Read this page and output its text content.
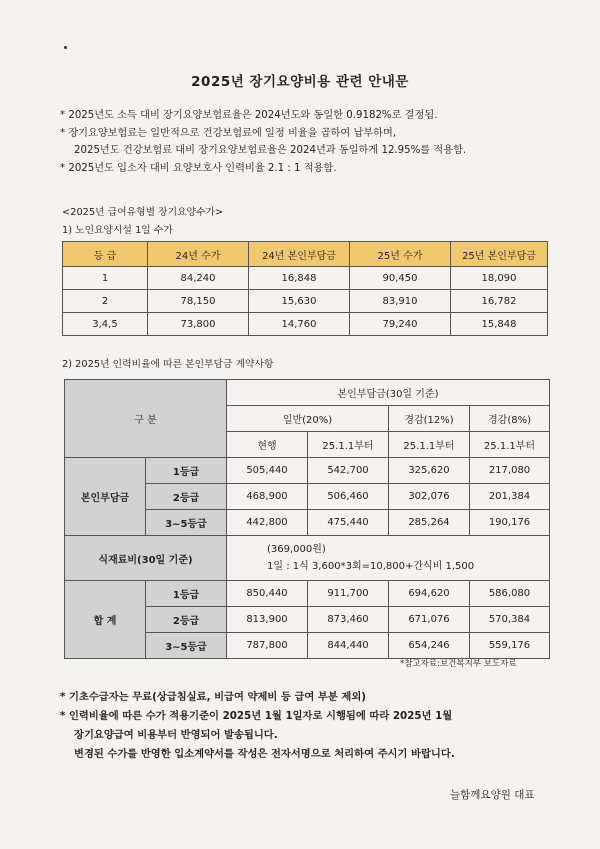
2025년 장기요양비용 관련 안내문
* 2025년도 소득 대비 장기요양보험료율은 2024년도와 동일한 0.9182%로 결정됨.
* 장기요양보험료는 일반적으로 건강보험료에 일정 비율을 곱하여 납부하며,
2025년도 건강보험료 대비 장기요양보험료율은 2024년과 동일하게 12.95%를 적용함.
* 2025년도 입소자 대비 요양보호사 인력비율 2.1 : 1 적용함.
<2025년 급여유형별 장기요양수가>
1) 노인요양시설 1일 수가
등 급	24년 수가	24년 본인부담금	25년 수가	25년 본인부담금
1	84,240	16,848	90,450	18,090
2	78,150	15,630	83,910	16,782
3,4,5	73,800	14,760	79,240	15,848
2) 2025년 인력비율에 따른 본인부담금 계약사항
구 분		본인부담금(30일 기준)			
		일반(20%)		경감(12%)	경감(8%)
		현행	25.1.1부터	25.1.1부터	25.1.1부터
본인부담금	1등급	505,440	542,700	325,620	217,080
	2등급	468,900	506,460	302,076	201,384
	3~5등급	442,800	475,440	285,264	190,176
식재료비(30일 기준)		(369,000원)
1일 : 1식 3,600*3회=10,800+간식비 1,500			

합 계	1등급	850,440	911,700	694,620	586,080
	2등급	813,900	873,460	671,076	570,384
	3~5등급	787,800	844,440	654,246	559,176
*참고자료:보건복지부 보도자료
* 기초수급자는 무료(상급침실료, 비급여 약제비 등 급여 부분 제외)
* 인력비율에 따른 수가 적용기준이 2025년 1월 1일자로 시행됨에 따라 2025년 1월
장기요양급여 비용부터 반영되어 발송됩니다.
변경된 수가를 반영한 입소계약서를 작성은 전자서명으로 처리하여 주시기 바랍니다.
늘함께요양원 대표
